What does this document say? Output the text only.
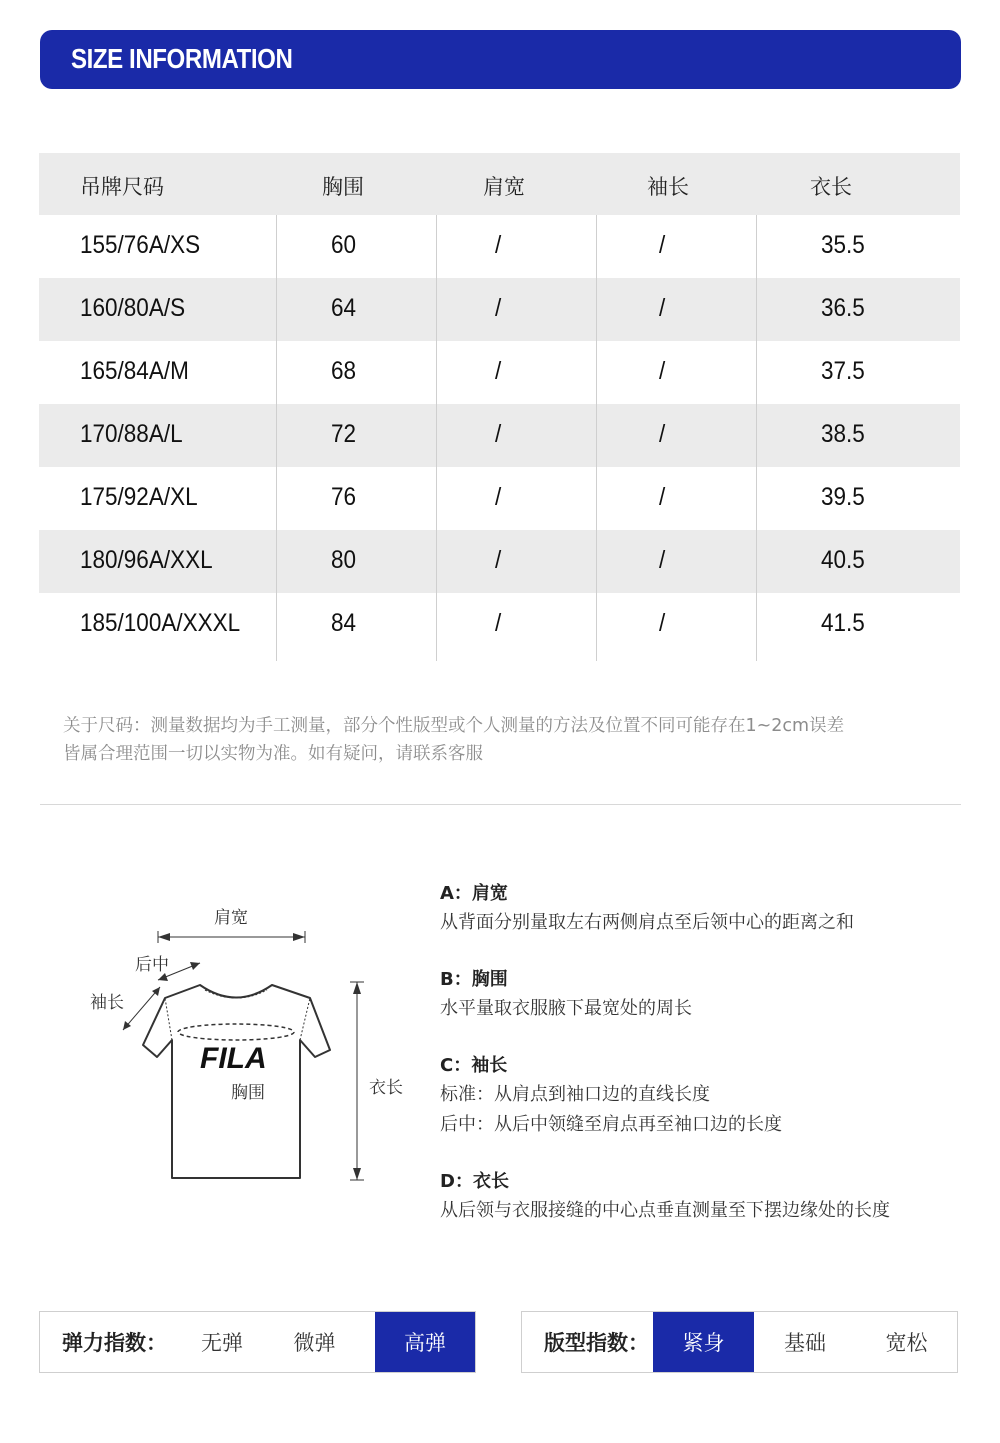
SIZE INFORMATION
吊牌尺码	胸围	肩宽	袖长	衣长
155/76A/XS	60	/	/	35.5
160/80A/S	64	/	/	36.5
165/84A/M	68	/	/	37.5
170/88A/L	72	/	/	38.5
175/92A/XL	76	/	/	39.5
180/96A/XXL	80	/	/	40.5
185/100A/XXXL	84	/	/	41.5
关于尺码：测量数据均为手工测量，部分个性版型或个人测量的方法及位置不同可能存在1~2cm误差
皆属合理范围一切以实物为准。如有疑问，请联系客服
FILA
肩宽
后中
袖长
胸围	衣长
A：肩宽
从背面分别量取左右两侧肩点至后领中心的距离之和
B：胸围
水平量取衣服腋下最宽处的周长
C：袖长
标准：从肩点到袖口边的直线长度
后中：从后中领缝至肩点再至袖口边的长度
D：衣长
从后领与衣服接缝的中心点垂直测量至下摆边缘处的长度
弹力指数：	无弹	微弹	高弹	版型指数：	紧身	基础	宽松
